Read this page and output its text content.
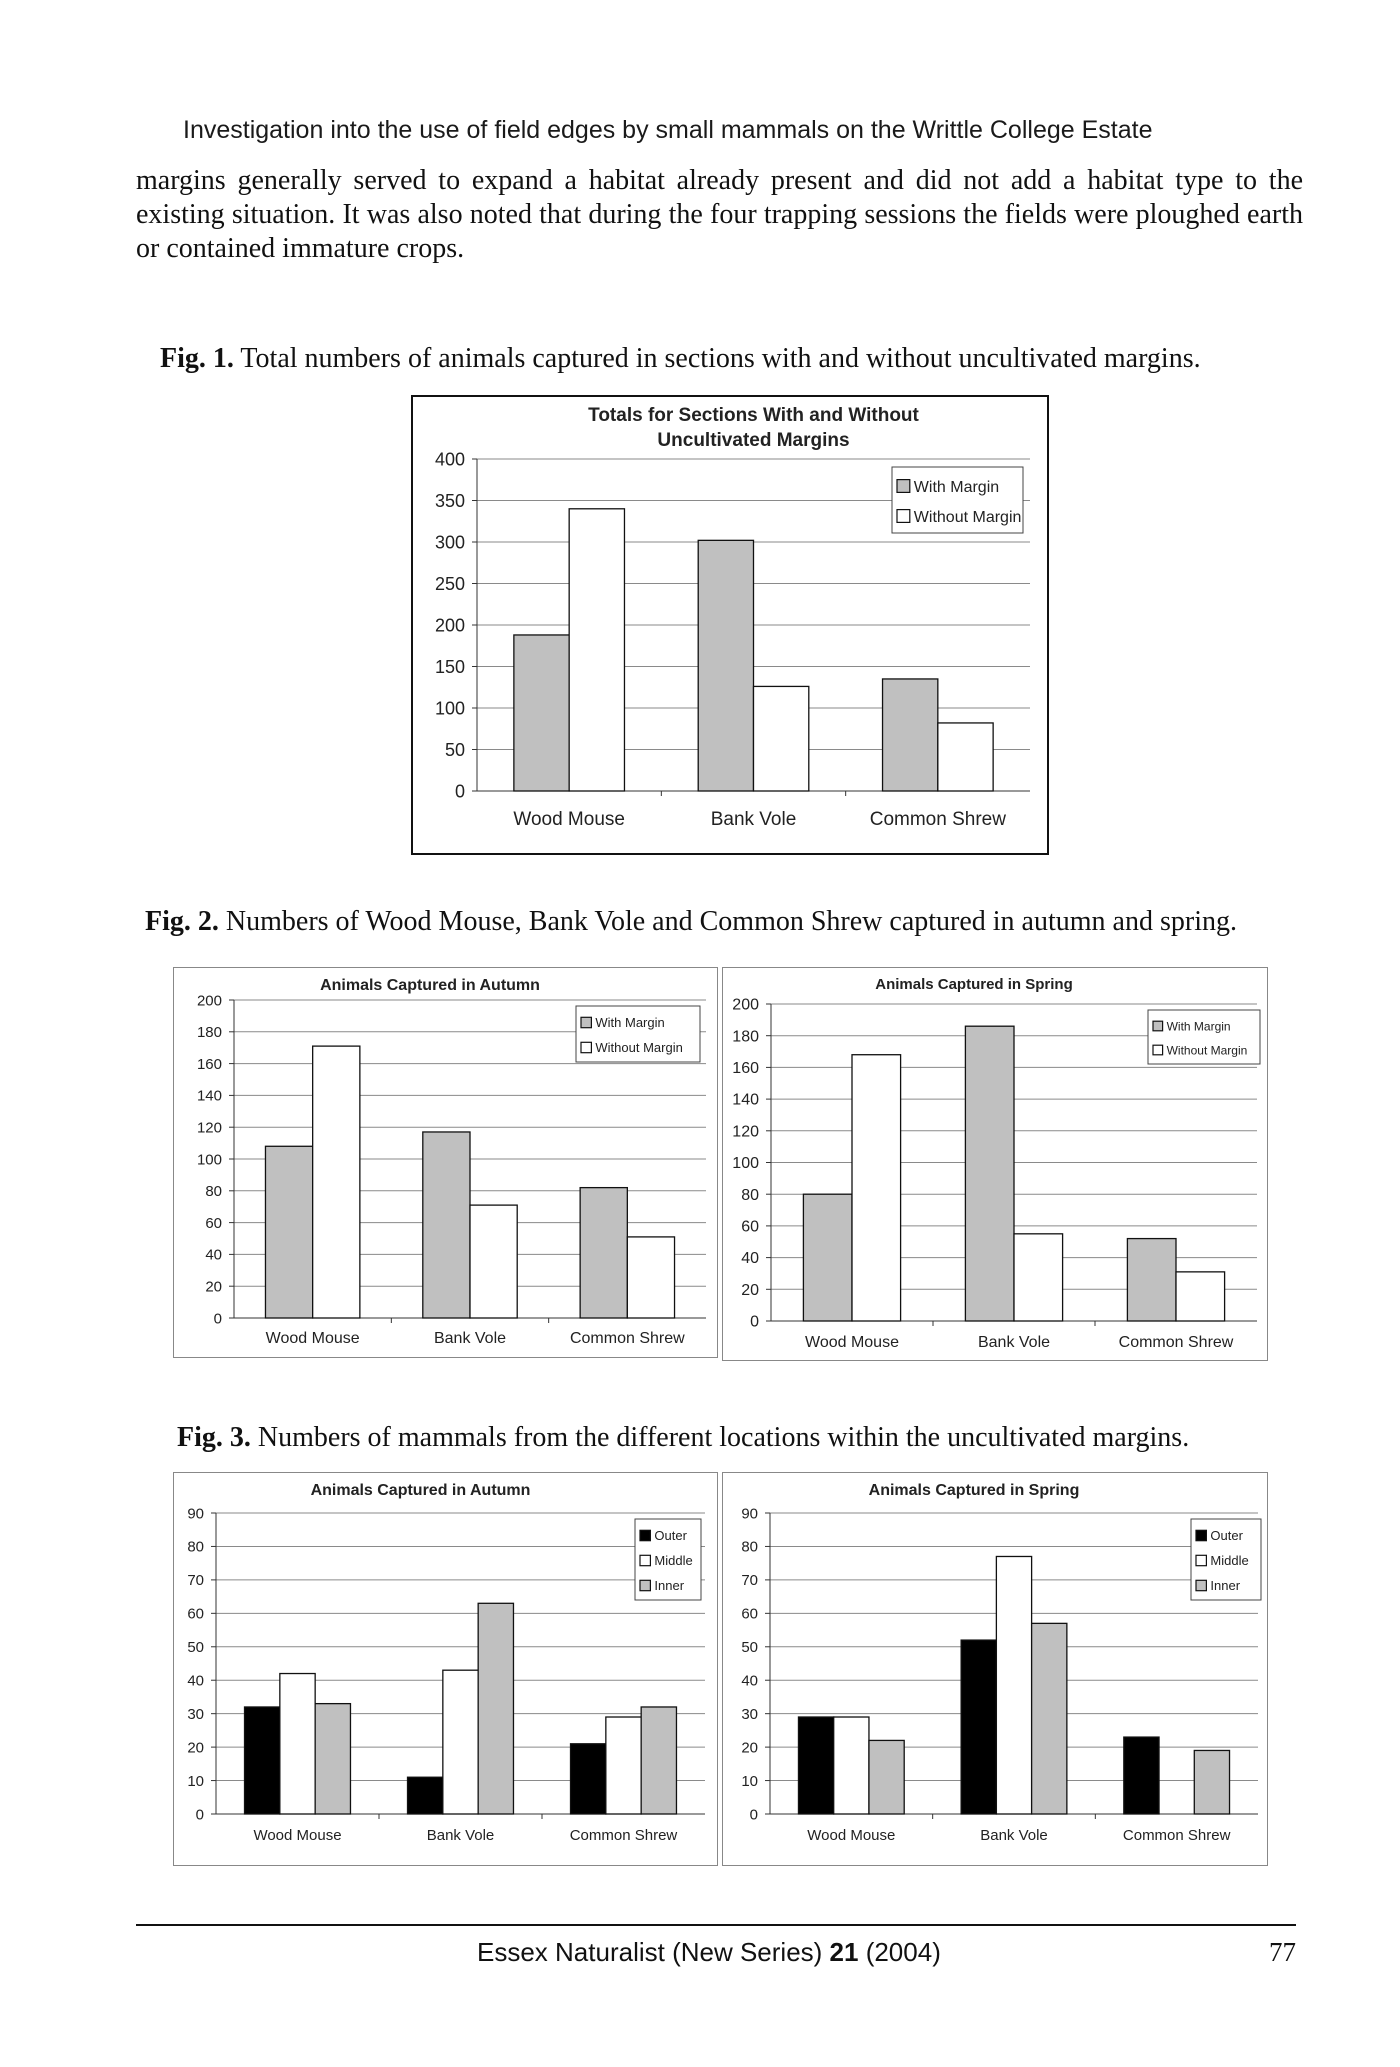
Investigation into the use of field edges by small mammals on the Writtle College Estate
margins generally served to expand a habitat already present and did not add a habitat type to the existing situation. It was also noted that during the four trapping sessions the fields were ploughed earth or contained immature crops.
Fig. 1. Total numbers of animals captured in sections with and without uncultivated margins.
Totals for Sections With and Without
Uncultivated Margins
0
50
100
150
200
250
300
350
400
Wood Mouse	Bank Vole	Common Shrew
With Margin
Without Margin
Fig. 2. Numbers of Wood Mouse, Bank Vole and Common Shrew captured in autumn and spring.
Animals Captured in Autumn
0
20
40
60
80
100
120
140
160
180
200
Wood Mouse	Bank Vole	Common Shrew
With Margin
Without Margin
Animals Captured in Spring
0
20
40
60
80
100
120
140
160
180
200
Wood Mouse	Bank Vole	Common Shrew
With Margin
Without Margin
Fig. 3. Numbers of mammals from the different locations within the uncultivated margins.
Animals Captured in Autumn
0
10
20
30
40
50
60
70
80
90
Wood Mouse	Bank Vole	Common Shrew
Outer
Middle
Inner
Animals Captured in Spring
0
10
20
30
40
50
60
70
80
90
Wood Mouse	Bank Vole	Common Shrew
Outer
Middle
Inner
Essex Naturalist (New Series) 21 (2004)	77
